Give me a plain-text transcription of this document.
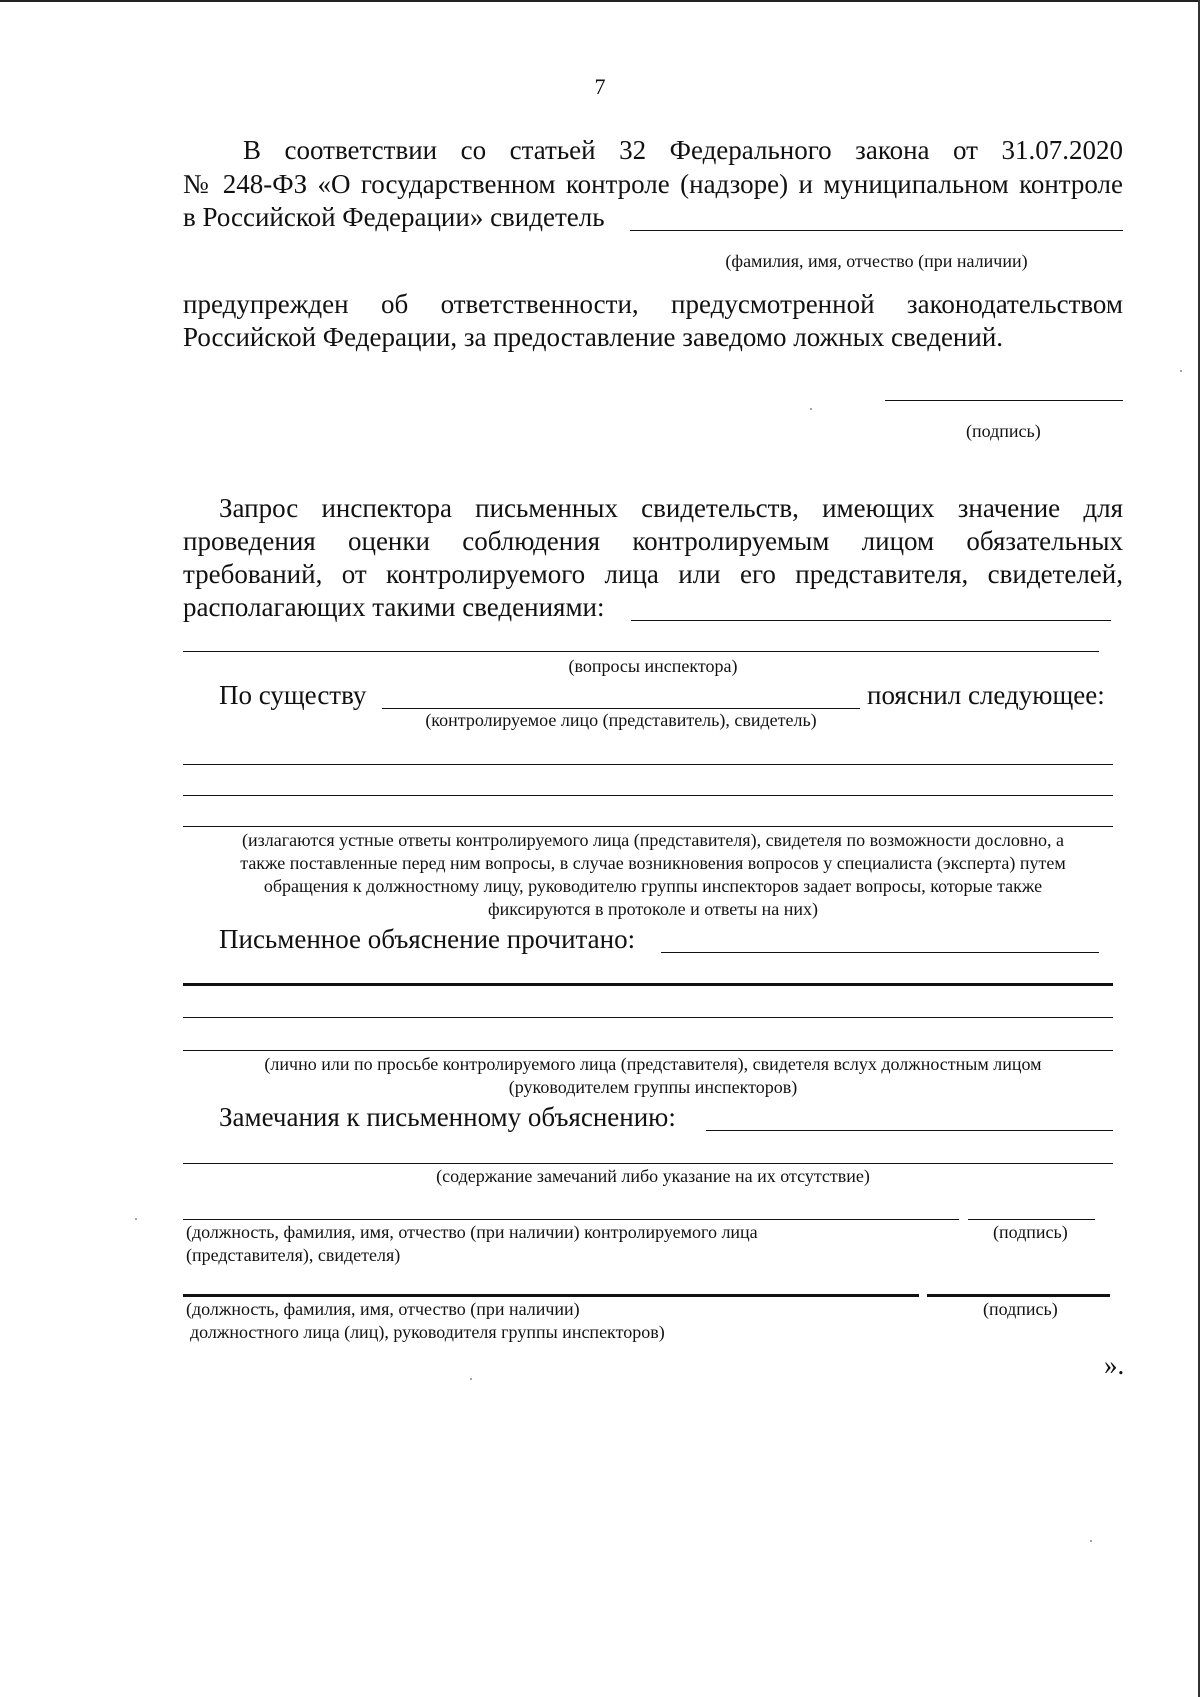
7
В соответствии со статьей 32 Федерального закона от 31.07.2020
№ 248-ФЗ «О государственном контроле (надзоре) и муниципальном контроле
в Российской Федерации» свидетель
(фамилия, имя, отчество (при наличии)
предупрежден об ответственности, предусмотренной законодательством
Российской Федерации, за предоставление заведомо ложных сведений.
(подпись)
Запрос инспектора письменных свидетельств, имеющих значение для
проведения оценки соблюдения контролируемым лицом обязательных
требований, от контролируемого лица или его представителя, свидетелей,
располагающих такими сведениями:
(вопросы инспектора)
По существу	пояснил следующее:
(контролируемое лицо (представитель), свидетель)
(излагаются устные ответы контролируемого лица (представителя), свидетеля по возможности дословно, а
также поставленные перед ним вопросы, в случае возникновения вопросов у специалиста (эксперта) путем
обращения к должностному лицу, руководителю группы инспекторов задает вопросы, которые также
фиксируются в протоколе и ответы на них)
Письменное объяснение прочитано:
(лично или по просьбе контролируемого лица (представителя), свидетеля вслух должностным лицом
(руководителем группы инспекторов)
Замечания к письменному объяснению:
(содержание замечаний либо указание на их отсутствие)
(должность, фамилия, имя, отчество (при наличии) контролируемого лица
(представителя), свидетеля)
(подпись)
(должность, фамилия, имя, отчество (при наличии)
должностного лица (лиц), руководителя группы инспекторов)
(подпись)
».
